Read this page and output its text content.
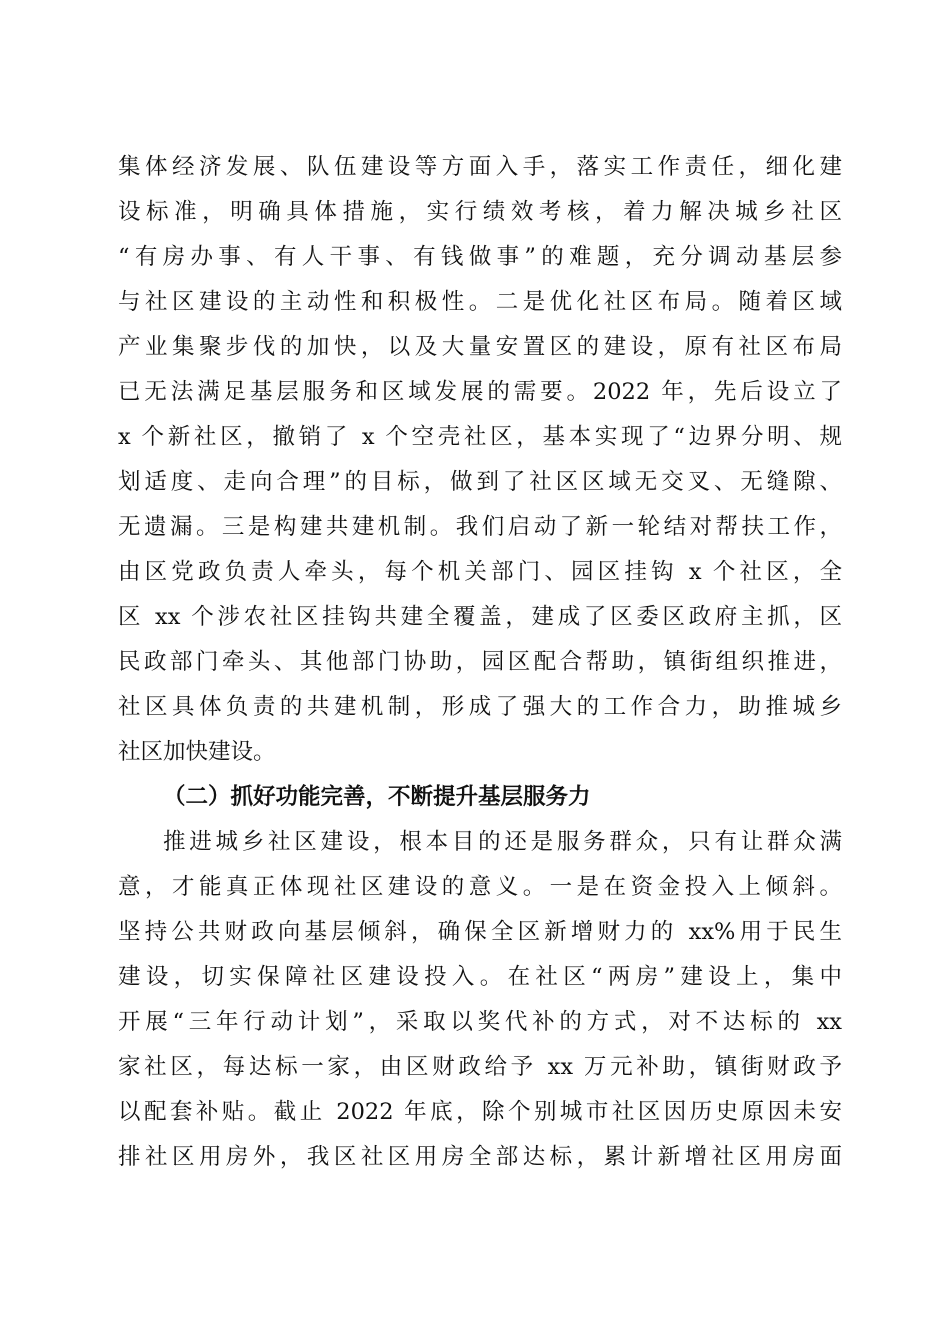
集体经济发展、队伍建设等方面入手，落实工作责任，细化建
设标准，明确具体措施，实行绩效考核，着力解决城乡社区
“有房办事、有人干事、有钱做事”的难题，充分调动基层参
与社区建设的主动性和积极性。二是优化社区布局。随着区域
产业集聚步伐的加快，以及大量安置区的建设，原有社区布局
已无法满足基层服务和区域发展的需要。2022 年，先后设立了
x 个新社区，撤销了 x 个空壳社区，基本实现了“边界分明、规
划适度、走向合理”的目标，做到了社区区域无交叉、无缝隙、
无遗漏。三是构建共建机制。我们启动了新一轮结对帮扶工作，
由区党政负责人牵头，每个机关部门、园区挂钩 x 个社区，全
区 xx 个涉农社区挂钩共建全覆盖，建成了区委区政府主抓，区
民政部门牵头、其他部门协助，园区配合帮助，镇街组织推进，
社区具体负责的共建机制，形成了强大的工作合力，助推城乡
社区加快建设。
（二）抓好功能完善，不断提升基层服务力
推进城乡社区建设，根本目的还是服务群众，只有让群众满
意，才能真正体现社区建设的意义。一是在资金投入上倾斜。
坚持公共财政向基层倾斜，确保全区新增财力的 xx%用于民生
建设，切实保障社区建设投入。在社区“两房”建设上，集中
开展“三年行动计划”，采取以奖代补的方式，对不达标的 xx
家社区，每达标一家，由区财政给予 xx 万元补助，镇街财政予
以配套补贴。截止 2022 年底，除个别城市社区因历史原因未安
排社区用房外，我区社区用房全部达标，累计新增社区用房面
